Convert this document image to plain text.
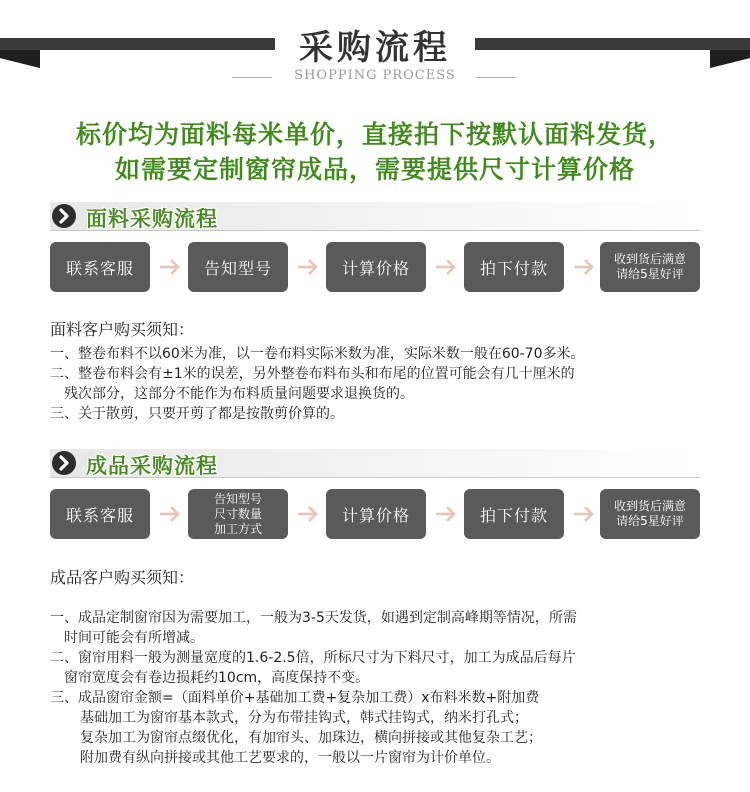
采购流程
SHOPPING PROCESS
标价均为面料每米单价，直接拍下按默认面料发货，
如需要定制窗帘成品，需要提供尺寸计算价格
面料采购流程
联系客服	告知型号	计算价格	拍下付款	收到货后满意
请给5星好评

面料客户购买须知：

一、整卷布料不以60米为准，以一卷布料实际米数为准，实际米数一般在60-70多米。

二、整卷布料会有±1米的误差，另外整卷布料布头和布尾的位置可能会有几十厘米的

残次部分，这部分不能作为布料质量问题要求退换货的。

三、关于散剪，只要开剪了都是按散剪价算的。

成品采购流程
联系客服
告知型号
尺寸数量
加工方式
计算价格	拍下付款	收到货后满意
请给5星好评

成品客户购买须知：

一、成品定制窗帘因为需要加工，一般为3-5天发货，如遇到定制高峰期等情况，所需

时间可能会有所增减。

二、窗帘用料一般为测量宽度的1.6-2.5倍，所标尺寸为下料尺寸，加工为成品后每片

窗帘宽度会有卷边损耗约10cm，高度保持不变。

三、成品窗帘金额=（面料单价+基础加工费+复杂加工费）x布料米数+附加费

基础加工为窗帘基本款式，分为布带挂钩式，韩式挂钩式，纳米打孔式；

复杂加工为窗帘点缀优化，有加帘头、加珠边，横向拼接或其他复杂工艺；

附加费有纵向拼接或其他工艺要求的，一般以一片窗帘为计价单位。
